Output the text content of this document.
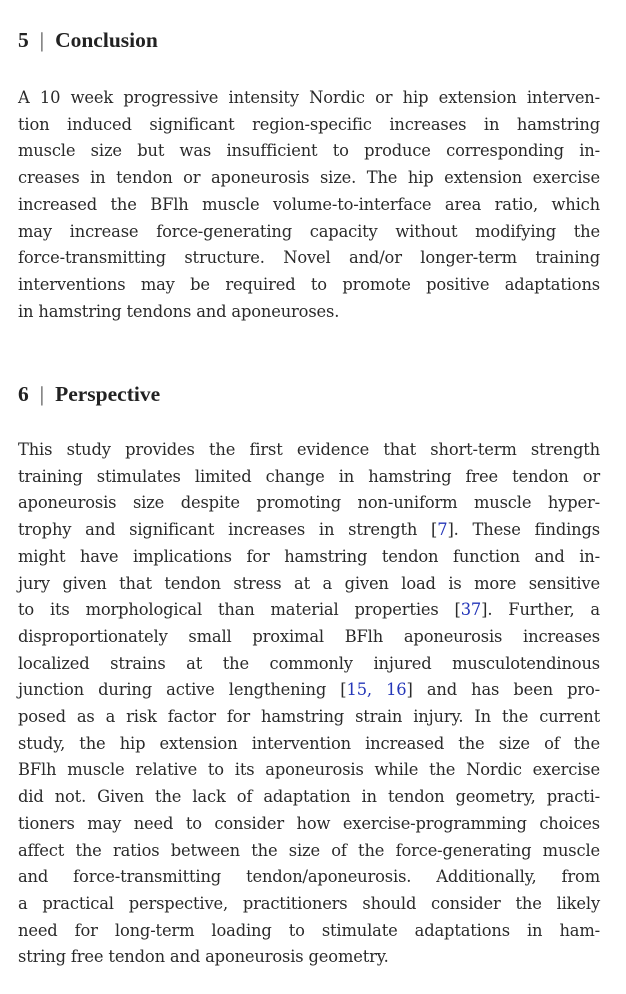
5 | Conclusion

A 10 week progressive intensity Nordic or hip extension interven-
tion induced significant region-specific increases in hamstring
muscle size but was insufficient to produce corresponding in-
creases in tendon or aponeurosis size. The hip extension exercise
increased the BFlh muscle volume-to-interface area ratio, which
may increase force-generating capacity without modifying the
force-transmitting structure. Novel and/or longer-term training
interventions may be required to promote positive adaptations
in hamstring tendons and aponeuroses.

6 | Perspective

This study provides the first evidence that short-term strength
training stimulates limited change in hamstring free tendon or
aponeurosis size despite promoting non-uniform muscle hyper-
trophy and significant increases in strength [7]. These findings
might have implications for hamstring tendon function and in-
jury given that tendon stress at a given load is more sensitive
to its morphological than material properties [37]. Further, a
disproportionately small proximal BFlh aponeurosis increases
localized strains at the commonly injured musculotendinous
junction during active lengthening [15, 16] and has been pro-
posed as a risk factor for hamstring strain injury. In the current
study, the hip extension intervention increased the size of the
BFlh muscle relative to its aponeurosis while the Nordic exercise
did not. Given the lack of adaptation in tendon geometry, practi-
tioners may need to consider how exercise-programming choices
affect the ratios between the size of the force-generating muscle
and force-transmitting tendon/aponeurosis. Additionally, from
a practical perspective, practitioners should consider the likely
need for long-term loading to stimulate adaptations in ham-
string free tendon and aponeurosis geometry.
